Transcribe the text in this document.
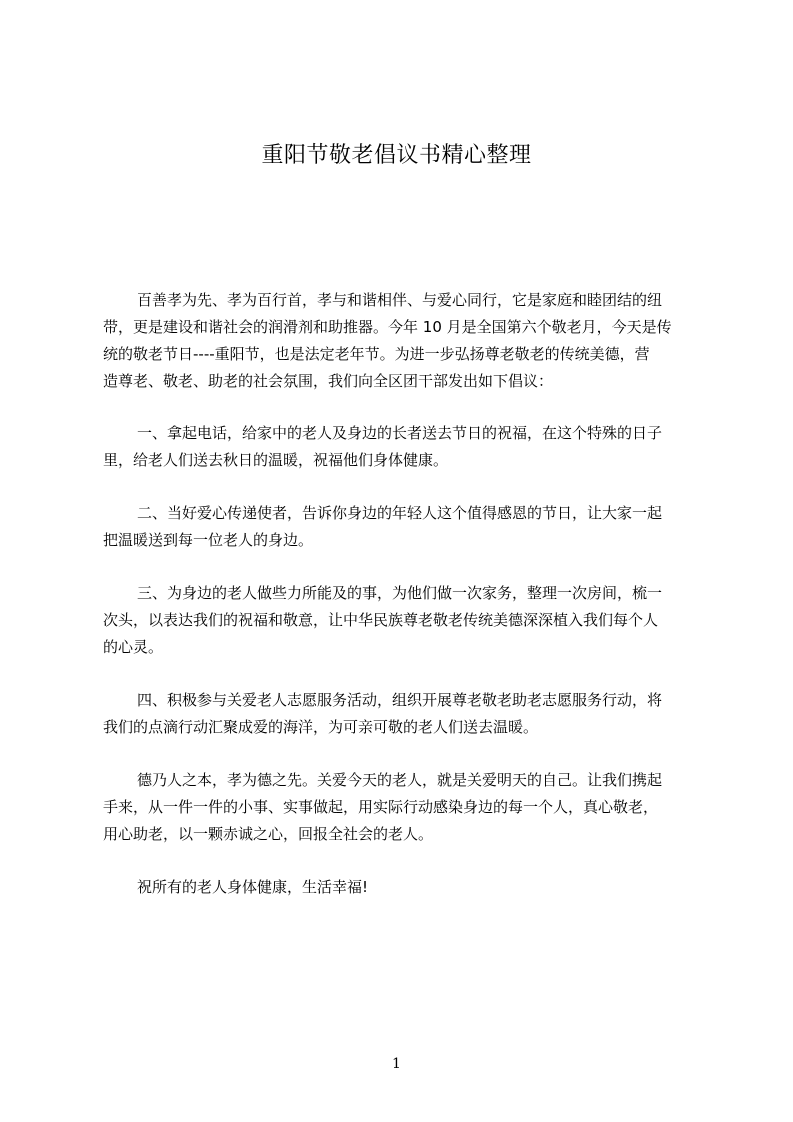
重阳节敬老倡议书精心整理
百善孝为先、孝为百行首，孝与和谐相伴、与爱心同行，它是家庭和睦团结的纽
带，更是建设和谐社会的润滑剂和助推器。今年 10 月是全国第六个敬老月，今天是传
统的敬老节日----重阳节，也是法定老年节。为进一步弘扬尊老敬老的传统美德，营
造尊老、敬老、助老的社会氛围，我们向全区团干部发出如下倡议：
一、拿起电话，给家中的老人及身边的长者送去节日的祝福，在这个特殊的日子
里，给老人们送去秋日的温暖，祝福他们身体健康。
二、当好爱心传递使者，告诉你身边的年轻人这个值得感恩的节日，让大家一起
把温暖送到每一位老人的身边。
三、为身边的老人做些力所能及的事，为他们做一次家务，整理一次房间，梳一
次头，以表达我们的祝福和敬意，让中华民族尊老敬老传统美德深深植入我们每个人
的心灵。
四、积极参与关爱老人志愿服务活动，组织开展尊老敬老助老志愿服务行动，将
我们的点滴行动汇聚成爱的海洋，为可亲可敬的老人们送去温暖。
德乃人之本，孝为德之先。关爱今天的老人，就是关爱明天的自己。让我们携起
手来，从一件一件的小事、实事做起，用实际行动感染身边的每一个人，真心敬老，
用心助老，以一颗赤诚之心，回报全社会的老人。
祝所有的老人身体健康，生活幸福!
1
